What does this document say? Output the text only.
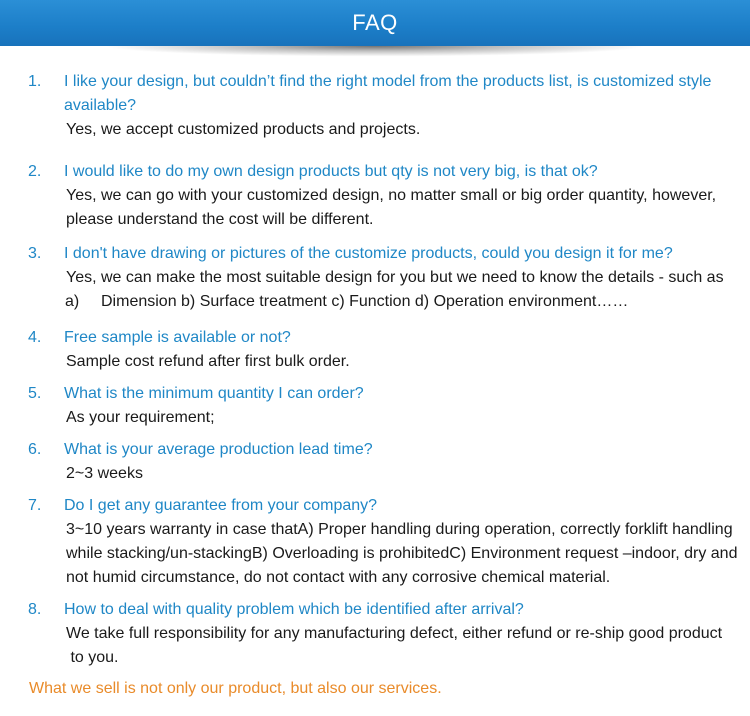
FAQ
1. I like your design, but couldn’t find the right model from the products list, is customized style available?
Yes, we accept customized products and projects.
2. I would like to do my own design products but qty is not very big, is that ok?
Yes, we can go with your customized design, no matter small or big order quantity, however,
please understand the cost will be different.
3. I don't have drawing or pictures of the customize products, could you design it for me?
Yes, we can make the most suitable design for you but we need to know the details - such as
a) Dimension b) Surface treatment c) Function d) Operation environment……
4. Free sample is available or not?
Sample cost refund after first bulk order.
5. What is the minimum quantity I can order?
As your requirement;
6. What is your average production lead time?
2~3 weeks
7. Do I get any guarantee from your company?
3~10 years warranty in case thatA) Proper handling during operation, correctly forklift handling
while stacking/un-stackingB) Overloading is prohibitedC) Environment request –indoor, dry and
not humid circumstance, do not contact with any corrosive chemical material.
8. How to deal with quality problem which be identified after arrival?
We take full responsibility for any manufacturing defect, either refund or re-ship good product
to you.
What we sell is not only our product, but also our services.
